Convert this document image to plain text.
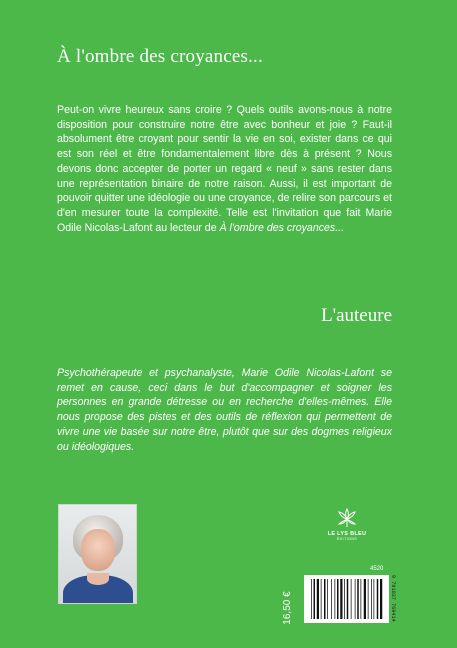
À l'ombre des croyances...

Peut-on vivre heureux sans croire ? Quels outils avons-nous à notre disposition pour construire notre être avec bonheur et joie ? Faut-il absolument être croyant pour sentir la vie en soi, exister dans ce qui est son réel et être fondamentalement libre dès à présent ? Nous devons donc accepter de porter un regard « neuf » sans rester dans une représentation binaire de notre raison. Aussi, il est important de pouvoir quitter une idéologie ou une croyance, de relire son parcours et d'en mesurer toute la complexité. Telle est l'invitation que fait Marie Odile Nicolas-Lafont au lecteur de À l'ombre des croyances...

L'auteure

Psychothérapeute et psychanalyste, Marie Odile Nicolas-Lafont se remet en cause, ceci dans le but d'accompagner et soigner les personnes en grande détresse ou en recherche d'elles-mêmes. Elle nous propose des pistes et des outils de réflexion qui permettent de vivre une vie basée sur notre être, plutôt que sur des dogmes religieux ou idéologiques.

LE LYS BLEU
ÉDITIONS
4520
16,50 €	9 791037 769414
